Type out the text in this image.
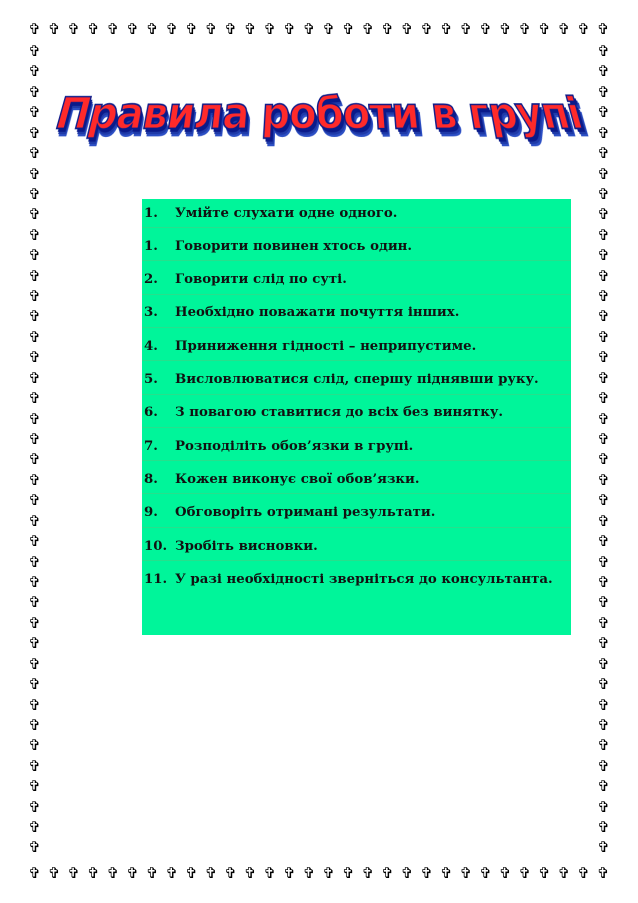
✞ ✞ ✞ ✞ ✞ ✞ ✞ ✞ ✞ ✞ ✞ ✞ ✞ ✞ ✞ ✞ ✞ ✞ ✞ ✞ ✞ ✞ ✞ ✞ ✞ ✞ ✞ ✞ ✞ ✞
✞ ✞ ✞ ✞ ✞ ✞ ✞ ✞ ✞ ✞ ✞ ✞ ✞ ✞ ✞ ✞ ✞ ✞ ✞ ✞ ✞ ✞ ✞ ✞ ✞ ✞ ✞ ✞ ✞ ✞
✞
✞
✞
✞
✞
✞
✞
✞
✞
✞
✞
✞
✞
✞
✞
✞
✞
✞
✞
✞
✞
✞
✞
✞
✞
✞
✞
✞
✞
✞
✞
✞
✞
✞
✞
✞
✞
✞
✞
✞
✞
✞
✞
✞
✞
✞
✞
✞
✞
✞
✞
✞
✞
✞
✞
✞
✞
✞
✞
✞
✞
✞
✞
✞
✞
✞
✞
✞
✞
✞
✞
✞
✞
✞
✞
✞
✞
✞
✞
✞
Правила роботи в групі
1.	Умійте слухати одне одного.
1.	Говорити повинен хтось один.
2.	Говорити слід по суті.
3.	Необхідно поважати почуття інших.
4.	Приниження гідності – неприпустиме.
5.	Висловлюватися слід, спершу піднявши руку.
6.	З повагою ставитися до всіх без винятку.
7.	Розподіліть обов’язки в групі.
8.	Кожен виконує свої обов’язки.
9.	Обговоріть отримані результати.
10. Зробіть висновки.
11. У разі необхідності зверніться до консультанта.
